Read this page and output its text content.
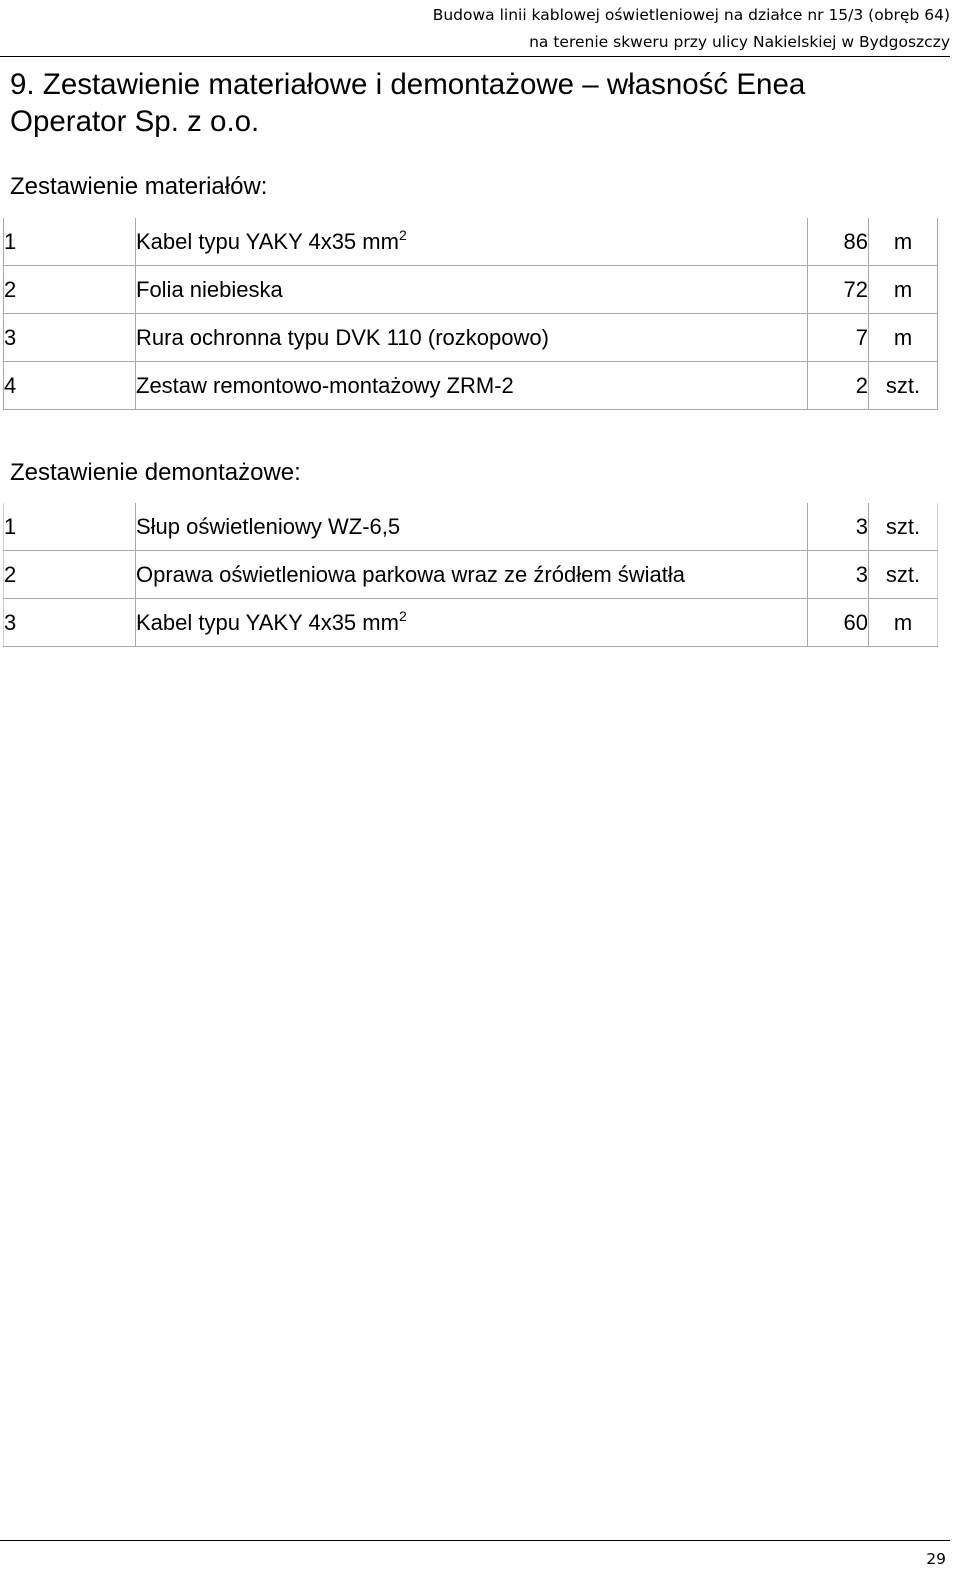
Budowa linii kablowej oświetleniowej na działce nr 15/3 (obręb 64)
na terenie skweru przy ulicy Nakielskiej w Bydgoszczy
9. Zestawienie materiałowe i demontażowe – własność Enea Operator Sp. z o.o.
Zestawienie materiałów:
1	Kabel typu YAKY 4x35 $mm^2$	86	m
2	Folia niebieska	72	m
3	Rura ochronna typu DVK 110 (rozkopowo)	7	m
4	Zestaw remontowo-montażowy ZRM-2	2	szt.
Zestawienie demontażowe:
1	Słup oświetleniowy WZ-6,5	3	szt.
2	Oprawa oświetleniowa parkowa wraz ze źródłem światła	3	szt.
3	Kabel typu YAKY 4x35 $mm^2$	60	m
29
